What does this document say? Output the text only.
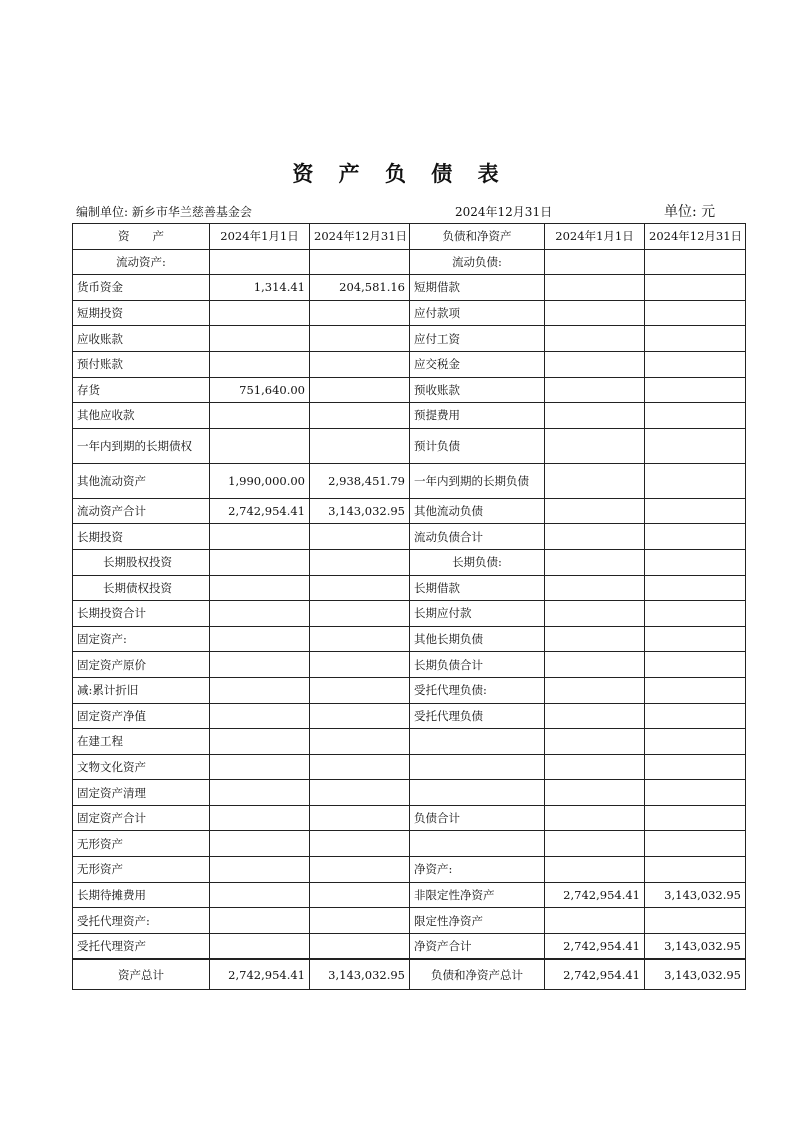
资 产 负 债 表
编制单位: 新乡市华兰慈善基金会	2024年12月31日	单位: 元
资　　产	2024年1月1日	2024年12月31日	负债和净资产	2024年1月1日	2024年12月31日
流动资产:			流动负债:		
货币资金	1,314.41	204,581.16	短期借款		
短期投资			应付款项		
应收账款			应付工资		
预付账款			应交税金		
存货	751,640.00		预收账款		
其他应收款			预提费用		
一年内到期的长期债权			预计负债		
其他流动资产	1,990,000.00	2,938,451.79	一年内到期的长期负债		
流动资产合计	2,742,954.41	3,143,032.95	其他流动负债		
长期投资			流动负债合计		
长期股权投资			长期负债:		
长期债权投资			长期借款		
长期投资合计			长期应付款		
固定资产:			其他长期负债		
固定资产原价			长期负债合计		
减:累计折旧			受托代理负债:		
固定资产净值			受托代理负债		
在建工程					
文物文化资产					
固定资产清理					
固定资产合计			负债合计		
无形资产					
无形资产			净资产:		
长期待摊费用			非限定性净资产	2,742,954.41	3,143,032.95
受托代理资产:			限定性净资产		
受托代理资产			净资产合计	2,742,954.41	3,143,032.95
资产总计	2,742,954.41	3,143,032.95	负债和净资产总计	2,742,954.41	3,143,032.95
